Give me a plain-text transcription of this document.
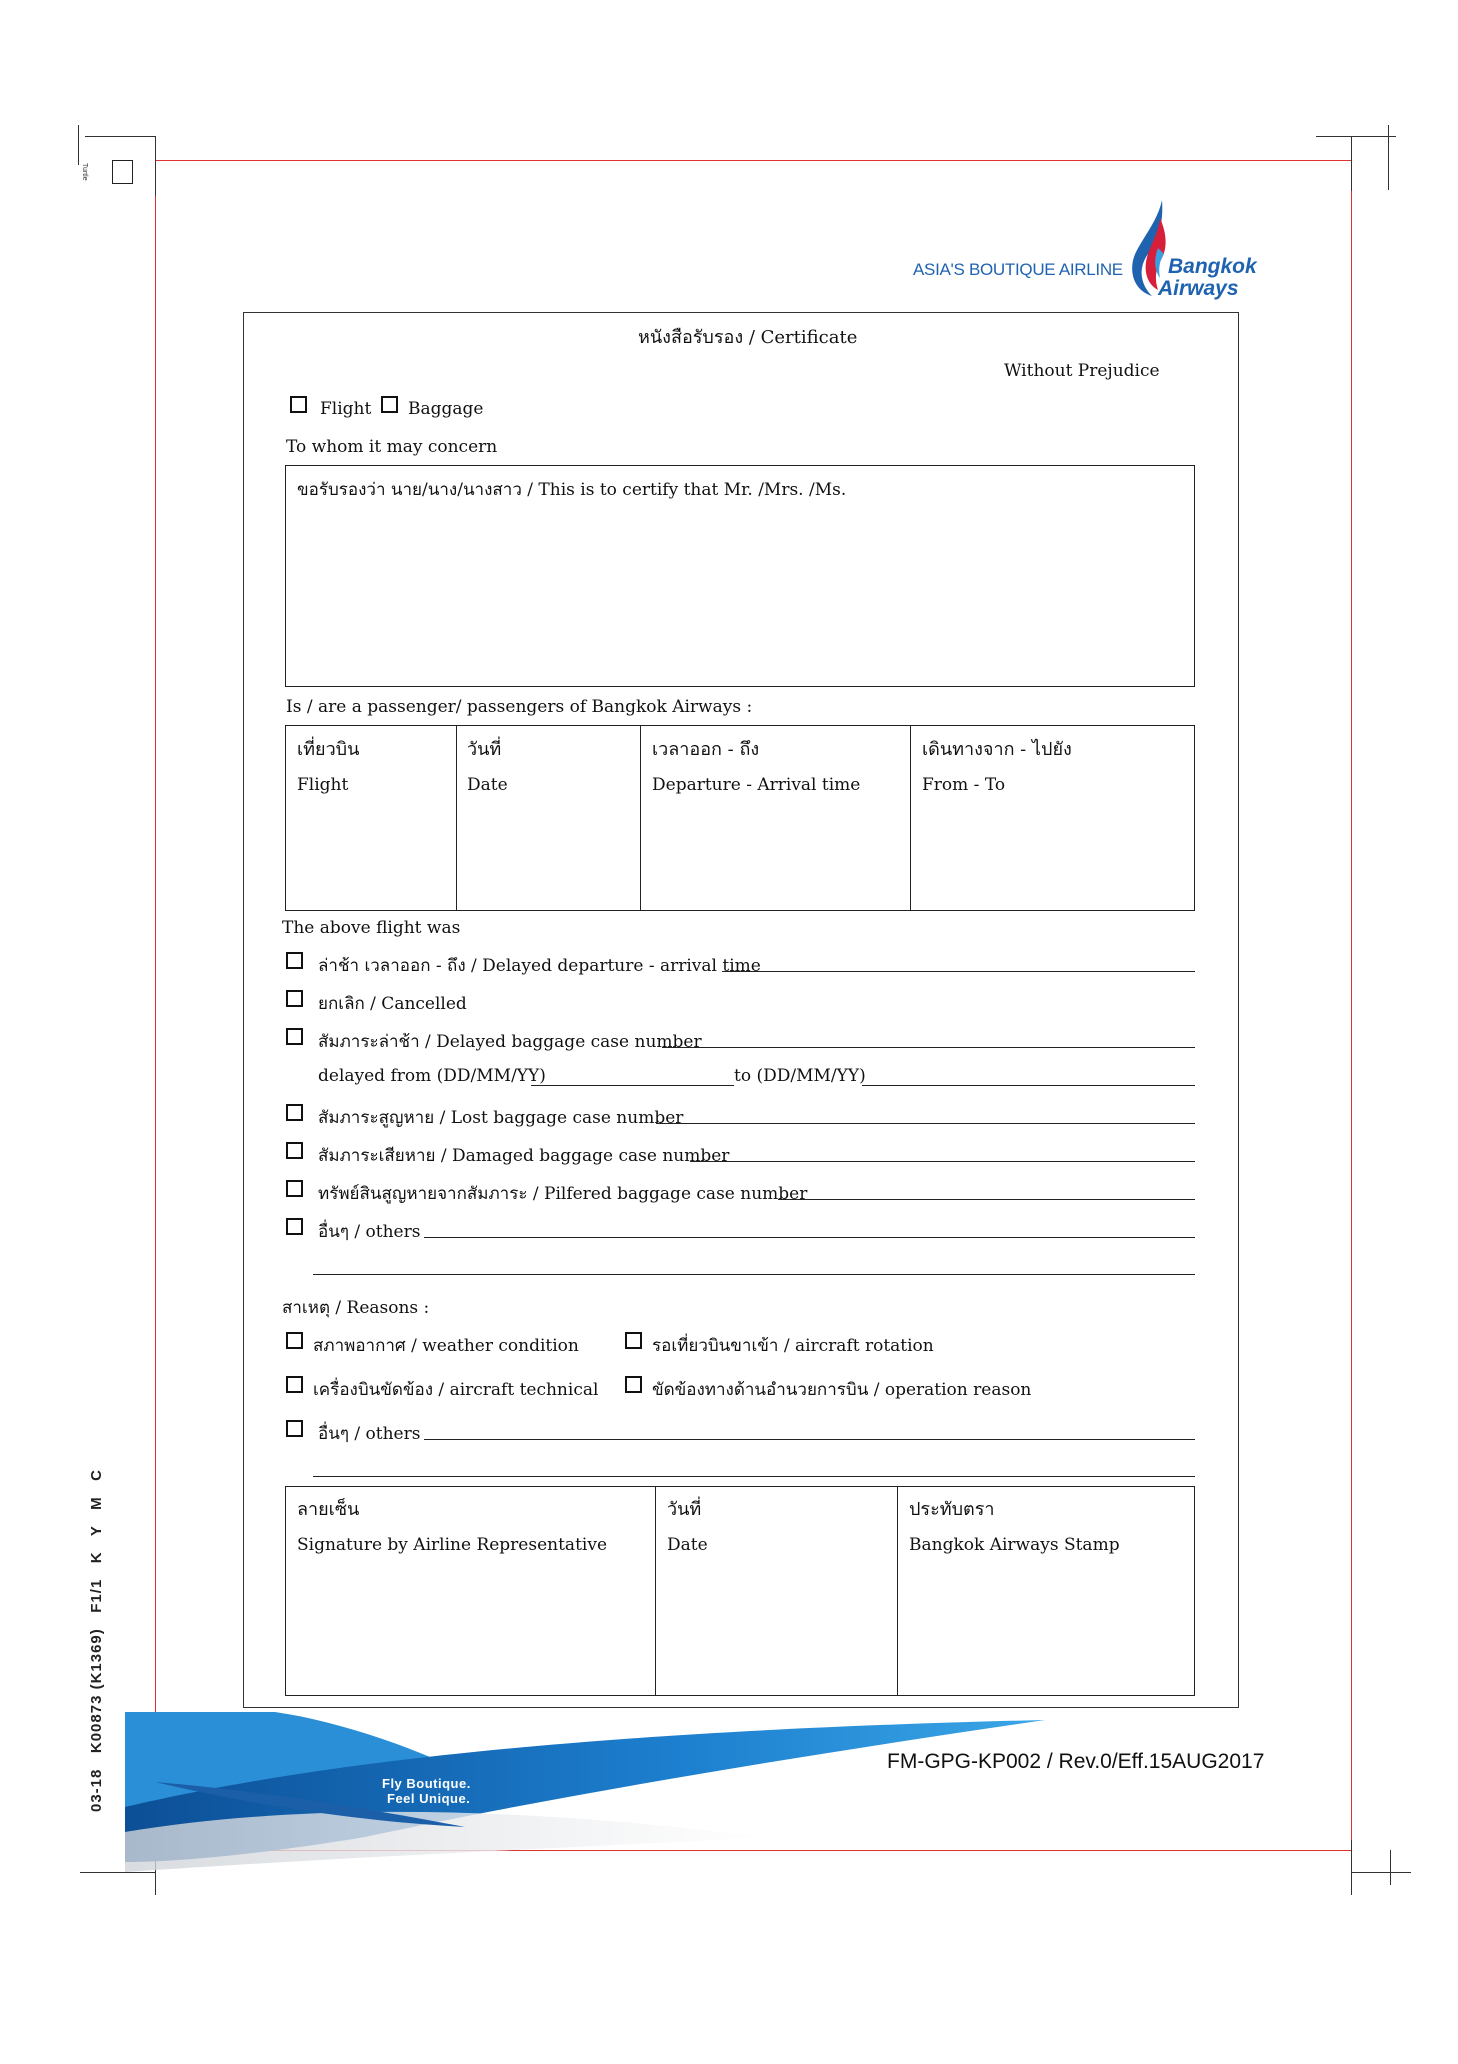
Turtle
03-18   K00873 (K1369)   F1/1   K   Y   M   C
ASIA'S BOUTIQUE AIRLINE Bangkok
Airways
หนังสือรับรอง / Certificate
Without Prejudice
Flight Baggage
To whom it may concern
ขอรับรองว่า นาย/นาง/นางสาว / This is to certify that Mr. /Mrs. /Ms.
Is / are a passenger/ passengers of Bangkok Airways :
เที่ยวบิน	วันที่	เวลาออก - ถึง	เดินทางจาก - ไปยัง
Flight	Date	Departure - Arrival time	From - To
The above flight was
ล่าช้า เวลาออก - ถึง / Delayed departure - arrival time
ยกเลิก / Cancelled
สัมภาระล่าช้า / Delayed baggage case number
delayed from (DD/MM/YY)	to (DD/MM/YY)
สัมภาระสูญหาย / Lost baggage case number
สัมภาระเสียหาย / Damaged baggage case number
ทรัพย์สินสูญหายจากสัมภาระ / Pilfered baggage case number
อื่นๆ / others
สาเหตุ / Reasons :
สภาพอากาศ / weather condition	รอเที่ยวบินขาเข้า / aircraft rotation
เครื่องบินขัดข้อง / aircraft technical	ขัดข้องทางด้านอำนวยการบิน / operation reason
อื่นๆ / others
ลายเซ็น	วันที่	ประทับตรา
Signature by Airline Representative	Date	Bangkok Airways Stamp
Fly Boutique.
Feel Unique.
FM-GPG-KP002 / Rev.0/Eff.15AUG2017
